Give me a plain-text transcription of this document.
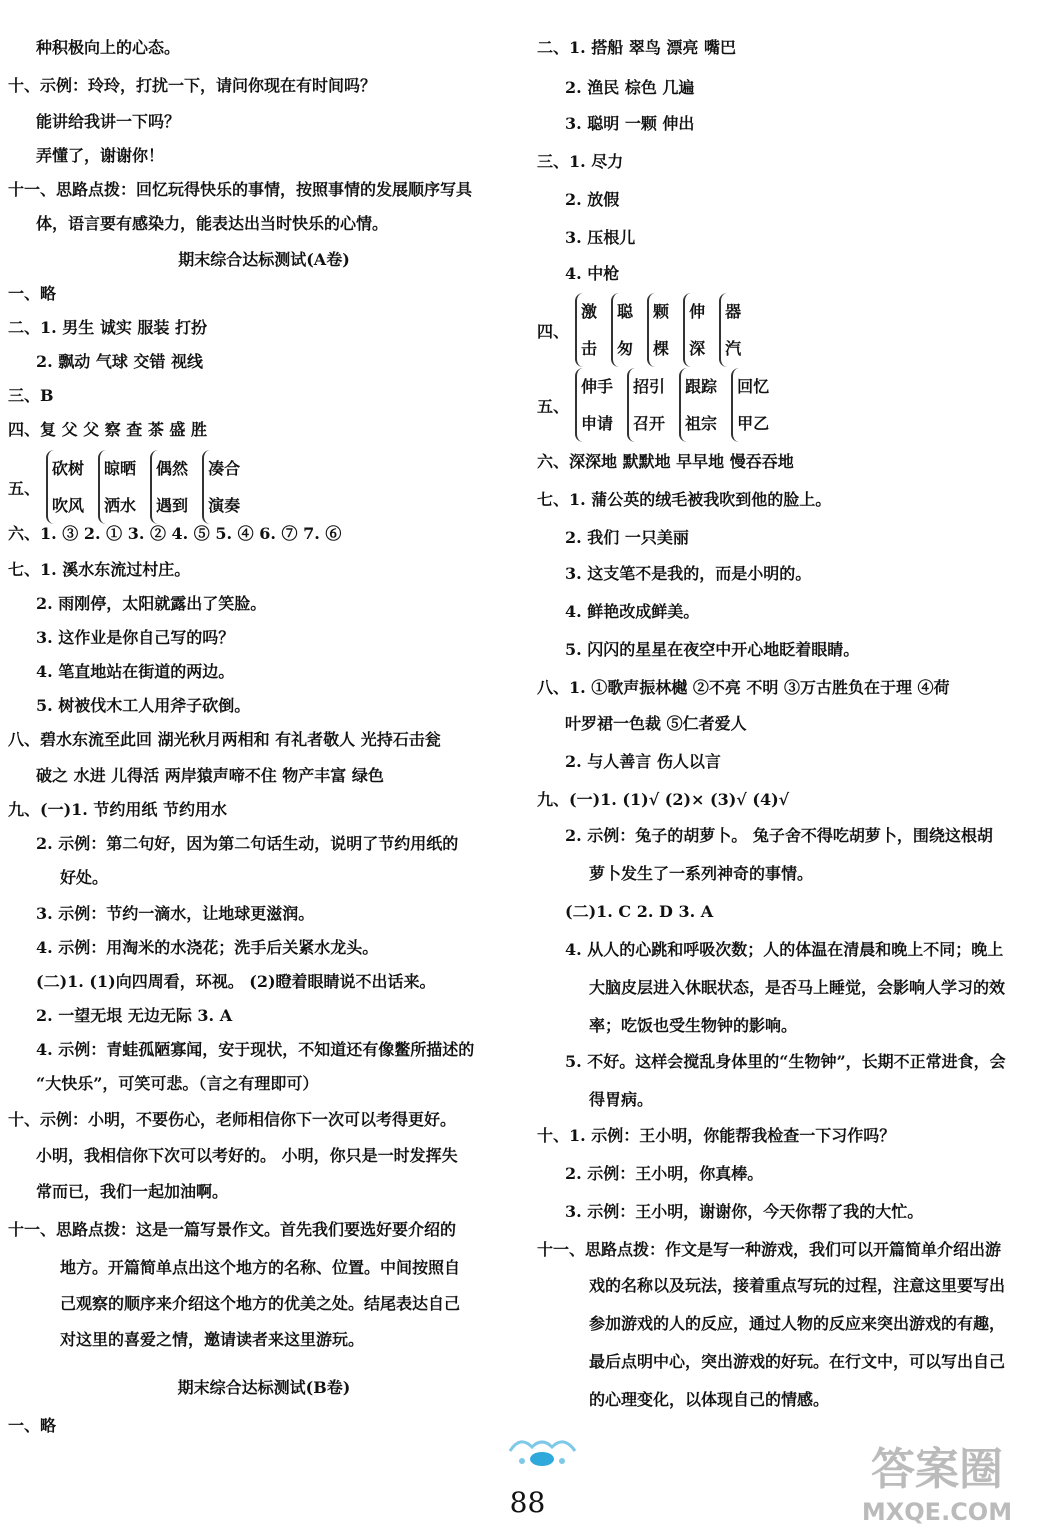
种积极向上的心态。
十、示例：玲玲，打扰一下，请问你现在有时间吗？
能讲给我讲一下吗？
弄懂了，谢谢你！
十一、思路点拨：回忆玩得快乐的事情，按照事情的发展顺序写具
体，语言要有感染力，能表达出当时快乐的心情。
期末综合达标测试(A卷)
一、略
二、1. 男生 诚实 服装 打扮
2. 飘动 气球 交错 视线
三、B
四、复 父 父 察 查 茶 盛 胜
六、1. ③ 2. ① 3. ② 4. ⑤ 5. ④ 6. ⑦ 7. ⑥
七、1. 溪水东流过村庄。
2. 雨刚停，太阳就露出了笑脸。
3. 这作业是你自己写的吗？
4. 笔直地站在街道的两边。
5. 树被伐木工人用斧子砍倒。
八、碧水东流至此回 湖光秋月两相和 有礼者敬人 光持石击瓮
破之 水进 儿得活 两岸猿声啼不住 物产丰富 绿色
九、(一)1. 节约用纸 节约用水
2. 示例：第二句好，因为第二句话生动，说明了节约用纸的
好处。
3. 示例：节约一滴水，让地球更滋润。
4. 示例：用淘米的水浇花；洗手后关紧水龙头。
(二)1. (1)向四周看，环视。 (2)瞪着眼睛说不出话来。
2. 一望无垠 无边无际 3. A
4. 示例：青蛙孤陋寡闻，安于现状，不知道还有像鳖所描述的
“大快乐”，可笑可悲。（言之有理即可）
十、示例：小明，不要伤心，老师相信你下一次可以考得更好。
小明，我相信你下次可以考好的。 小明，你只是一时发挥失
常而已，我们一起加油啊。
十一、思路点拨：这是一篇写景作文。首先我们要选好要介绍的
地方。开篇简单点出这个地方的名称、位置。中间按照自
己观察的顺序来介绍这个地方的优美之处。结尾表达自己
对这里的喜爱之情，邀请读者来这里游玩。
期末综合达标测试(B卷)
一、略
二、1. 搭船 翠鸟 漂亮 嘴巴
2. 渔民 棕色 几遍
3. 聪明 一颗 伸出
三、1. 尽力
2. 放假
3. 压根儿
4. 中枪
六、深深地 默默地 早早地 慢吞吞地
七、1. 蒲公英的绒毛被我吹到他的脸上。
2. 我们 一只美丽
3. 这支笔不是我的，而是小明的。
4. 鲜艳改成鲜美。
5. 闪闪的星星在夜空中开心地眨着眼睛。
八、1. ①歌声振林樾 ②不亮 不明 ③万古胜负在于理 ④荷
叶罗裙一色裁 ⑤仁者爱人
2. 与人善言 伤人以言
九、(一)1. (1)√ (2)× (3)√ (4)√
2. 示例：兔子的胡萝卜。 兔子舍不得吃胡萝卜，围绕这根胡
萝卜发生了一系列神奇的事情。
(二)1. C 2. D 3. A
4. 从人的心跳和呼吸次数；人的体温在清晨和晚上不同；晚上
大脑皮层进入休眠状态，是否马上睡觉，会影响人学习的效
率；吃饭也受生物钟的影响。
5. 不好。这样会搅乱身体里的“生物钟”，长期不正常进食，会
得胃病。
十、1. 示例：王小明，你能帮我检查一下习作吗？
2. 示例：王小明，你真棒。
3. 示例：王小明，谢谢你，今天你帮了我的大忙。
十一、思路点拨：作文是写一种游戏，我们可以开篇简单介绍出游
戏的名称以及玩法，接着重点写玩的过程，注意这里要写出
参加游戏的人的反应，通过人物的反应来突出游戏的有趣，
最后点明中心，突出游戏的好玩。在行文中，可以写出自己
的心理变化，以体现自己的情感。
五、
砍树
吹风
晾晒
洒水
偶然
遇到
凑合
演奏
四、
激
击
聪
匆
颗
棵
伸
深
器
汽
五、
伸手
申请
招引
召开
跟踪
祖宗
回忆
甲乙
88
答案圈
MXQE.COM
